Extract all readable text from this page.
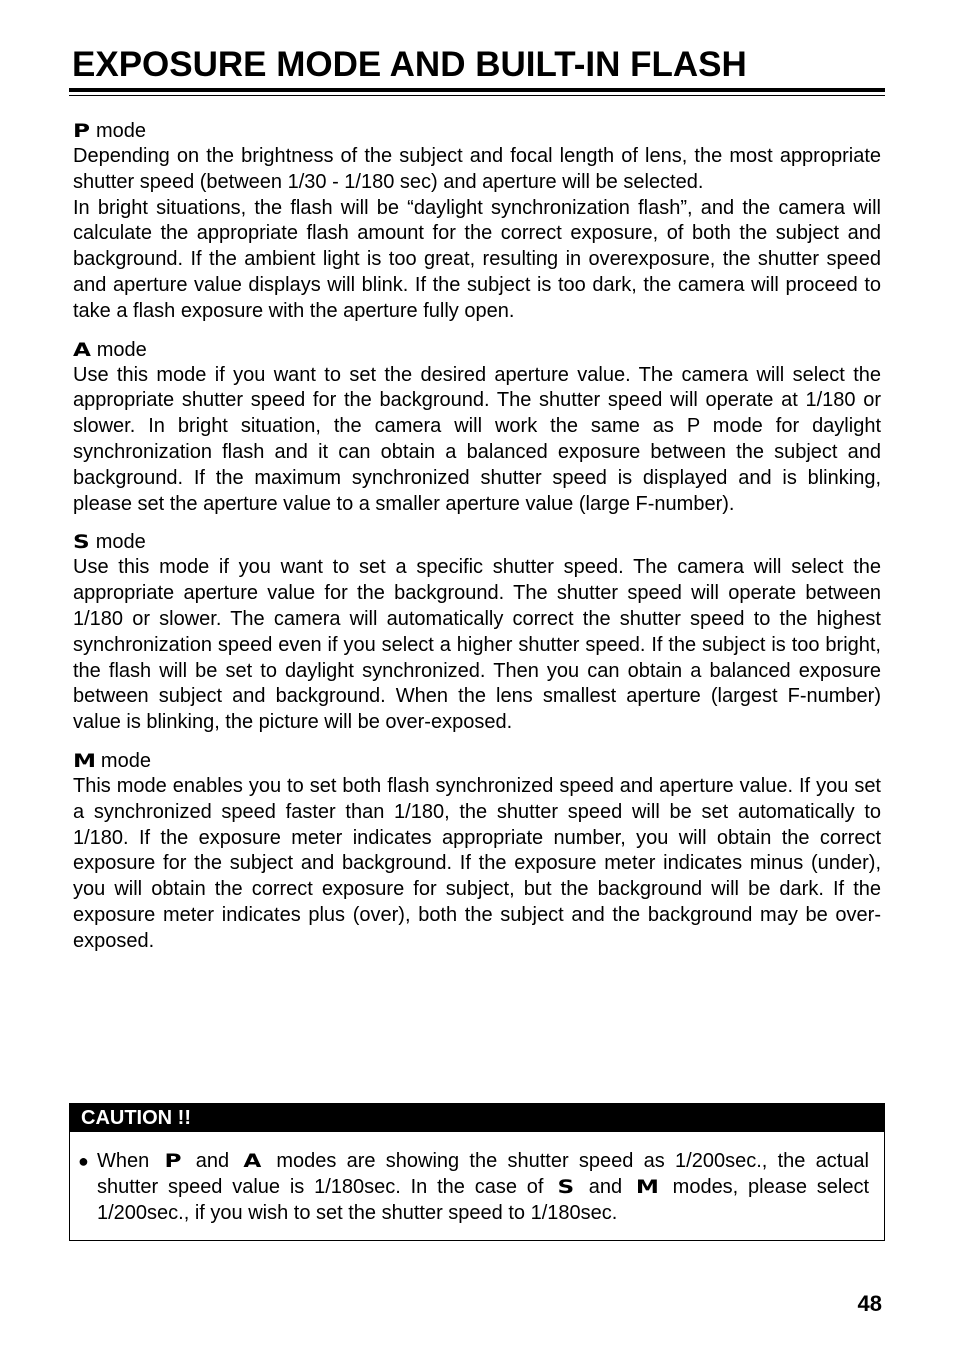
EXPOSURE MODE AND BUILT-IN FLASH
P mode

Depending on the brightness of the subject and focal length of lens, the most appropriate shutter speed (between 1/30 - 1/180 sec) and aperture will be selected.

In bright situations, the flash will be “daylight synchronization flash”, and the camera will calculate the appropriate flash amount for the correct exposure, of both the subject and background. If the ambient light is too great, resulting in overexposure, the shutter speed and aperture value displays will blink. If the subject is too dark, the camera will proceed to take a flash exposure with the aperture fully open.

A mode

Use this mode if you want to set the desired aperture value. The camera will select the appropriate shutter speed for the background. The shutter speed will operate at 1/180 or slower. In bright situation, the camera will work the same as P mode for daylight synchronization flash and it can obtain a balanced exposure between the subject and background. If the maximum synchronized shutter speed is displayed and is blinking, please set the aperture value to a smaller aperture value (large F-number).

S mode

Use this mode if you want to set a specific shutter speed. The camera will select the appropriate aperture value for the background. The shutter speed will operate between 1/180 or slower. The camera will automatically correct the shutter speed to the highest synchronization speed even if you select a higher shutter speed. If the subject is too bright, the flash will be set to daylight synchronized. Then you can obtain a balanced exposure between subject and background. When the lens smallest aperture (largest F-number) value is blinking, the picture will be over-exposed.

M mode

This mode enables you to set both flash synchronized speed and aperture value. If you set a synchronized speed faster than 1/180, the shutter speed will be set automatically to 1/180. If the exposure meter indicates appropriate number, you will obtain the correct exposure for the subject and background. If the exposure meter indicates minus (under), you will obtain the correct exposure for subject, but the background will be dark. If the exposure meter indicates plus (over), both the subject and the background may be over-exposed.

CAUTION !!
● When P and A modes are showing the shutter speed as 1/200sec., the actual shutter speed value is 1/180sec. In the case of S and M modes, please select 1/200sec., if you wish to set the shutter speed to 1/180sec.
48
